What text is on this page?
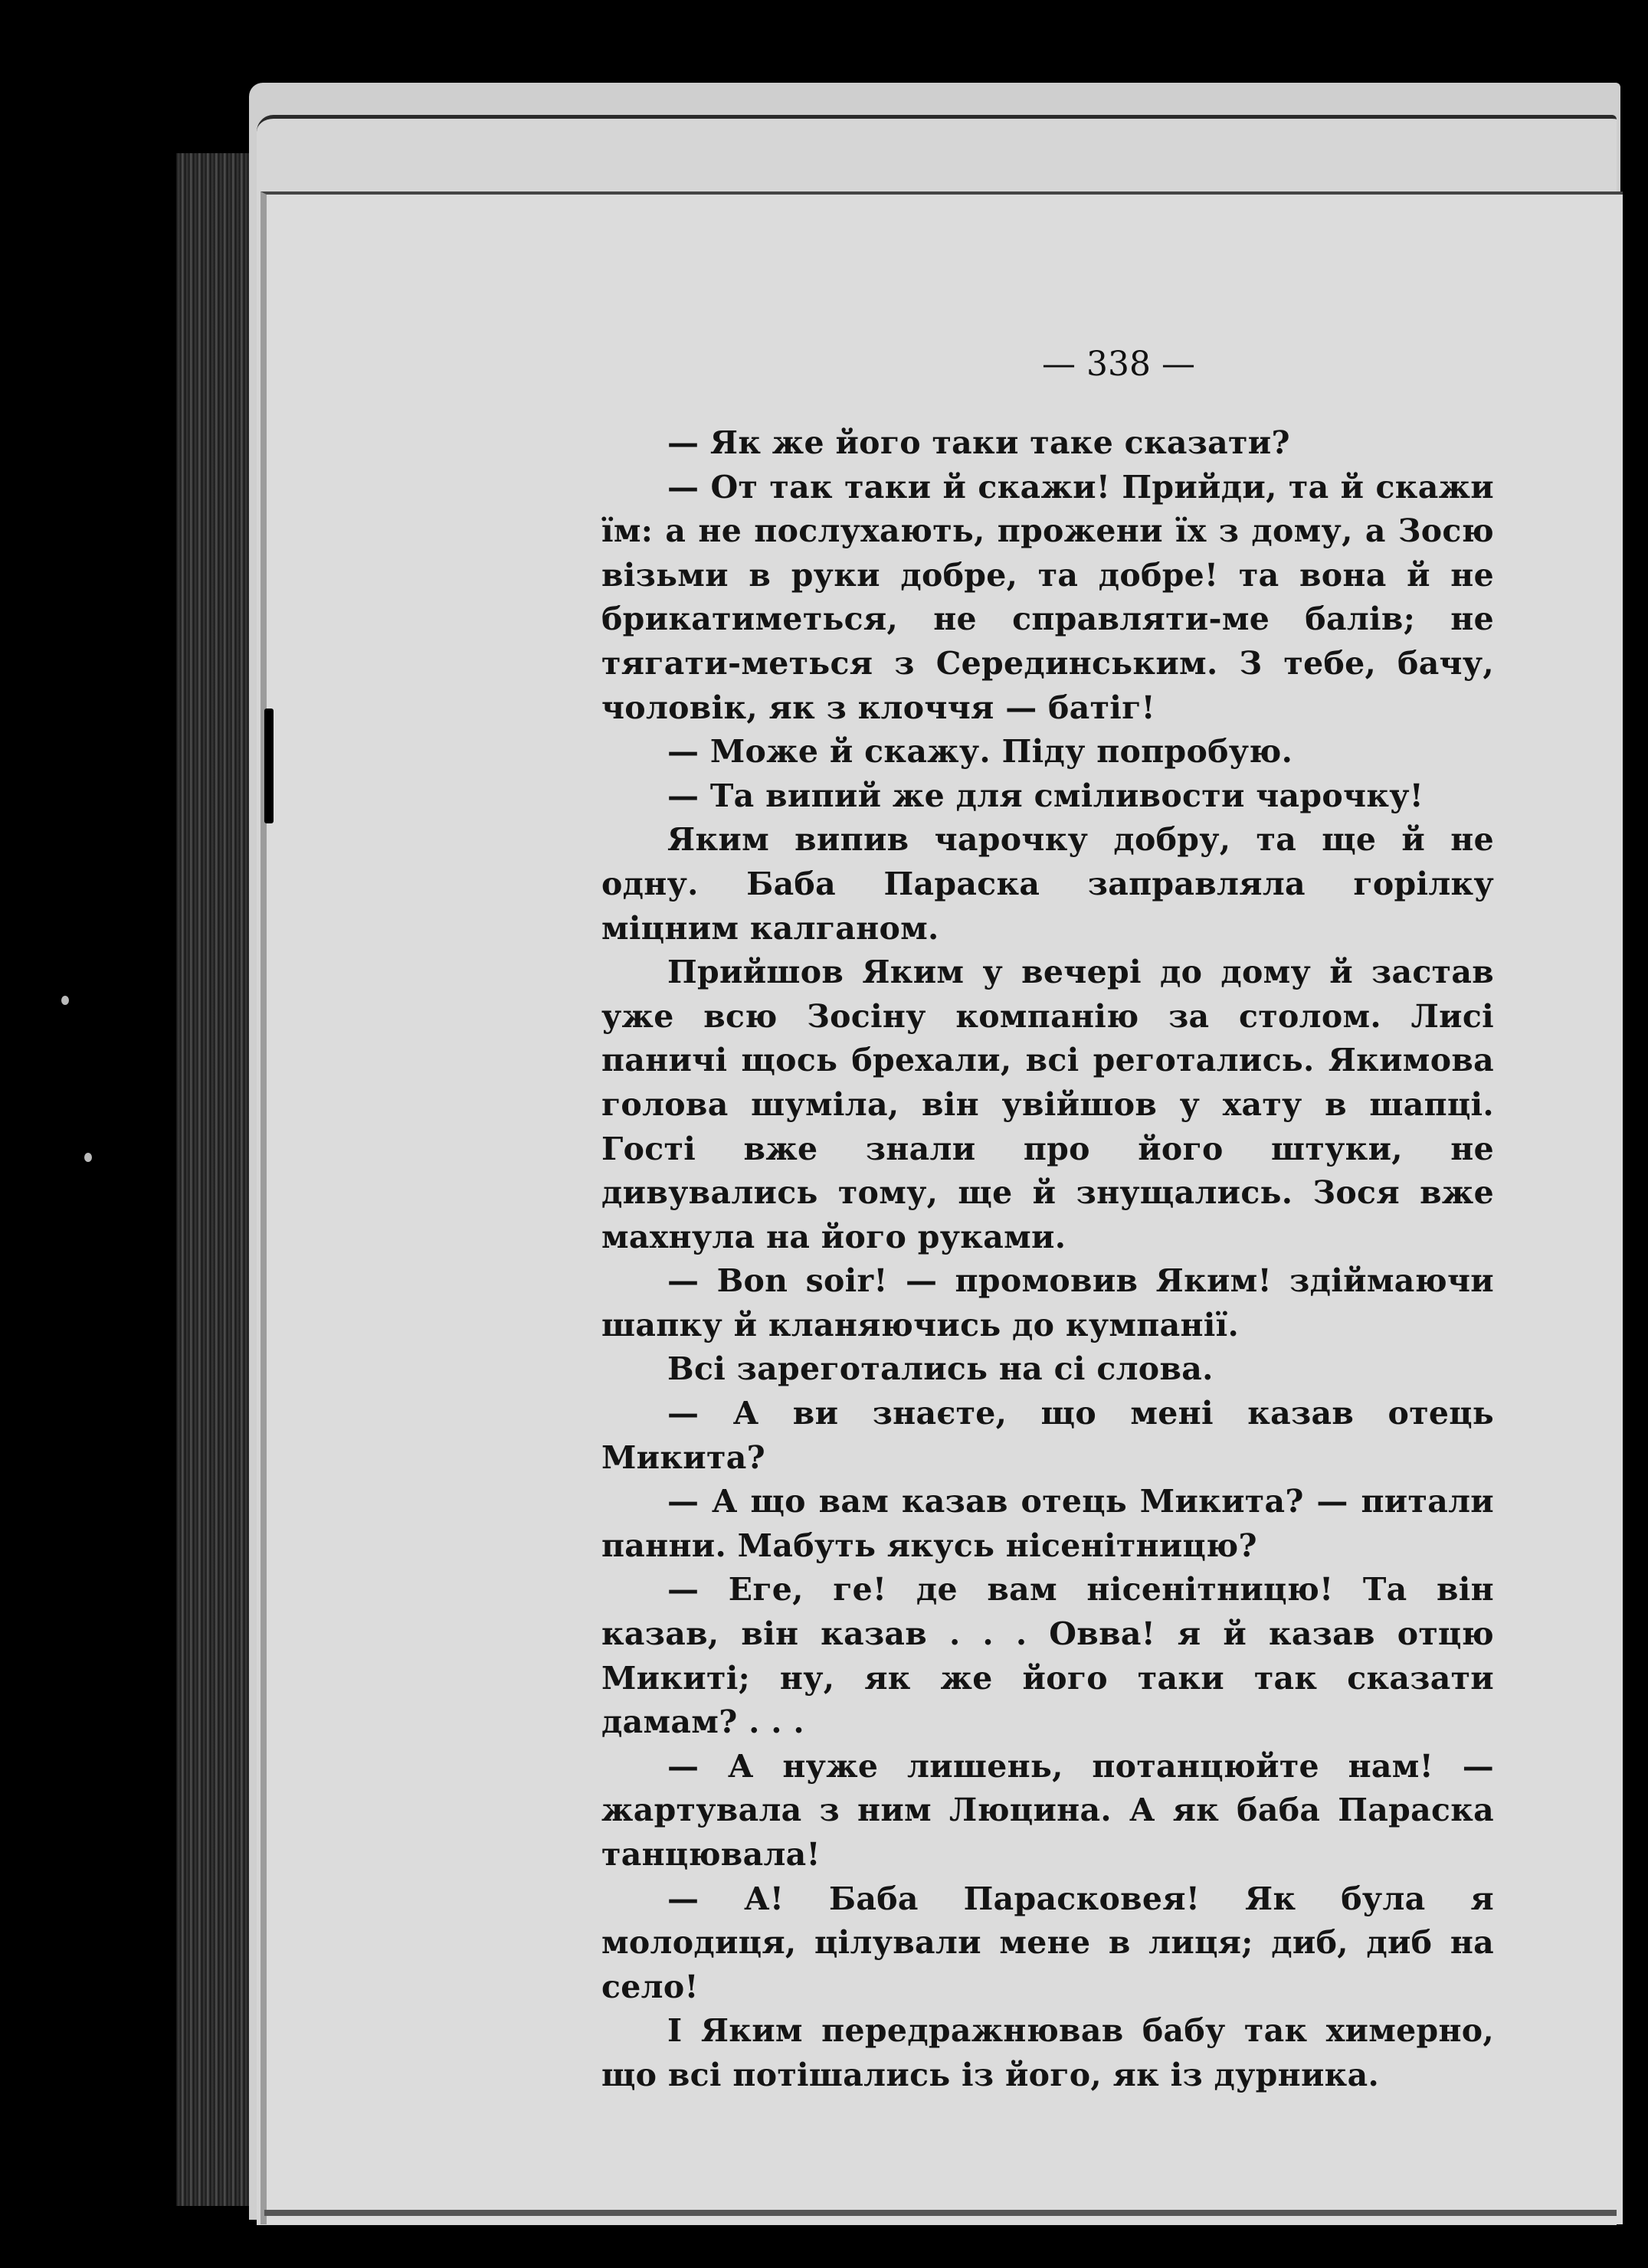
— 338 —

— Як же його таки таке сказати?

— От так таки й скажи! Прийди, та й скажи їм: а не послухають, прожени їх з дому, а Зосю візьми в руки добре, та добре! та вона й не брикатиметься, не справляти-ме балів; не тягати-меться з Серединським. З тебе, бачу, чоловік, як з клоччя — батіг!

— Може й скажу. Піду попробую.

— Та випий же для сміливости чарочку!

Яким випив чарочку добру, та ще й не одну. Баба Параска заправляла горілку міцним калганом.

Прийшов Яким у вечері до дому й застав уже всю Зосіну компанію за столом. Лисі паничі щось брехали, всі реготались. Якимова голова шуміла, він увійшов у хату в шапці. Гості вже знали про його штуки, не дивувались тому, ще й знущались. Зося вже махнула на його руками.

— Bon soir! — промовив Яким! здіймаючи шапку й кланяючись до кумпанії.

Всі зареготались на сі слова.

— А ви знаєте, що мені казав отець Микита?

— А що вам казав отець Микита? — питали панни. Мабуть якусь нісенітницю?

— Еге, ге! де вам нісенітницю! Та він казав, він казав . . . Овва! я й казав отцю Микиті; ну, як же його таки так сказати дамам? . . .

— А нуже лишень, потанцюйте нам! — жартувала з ним Люцина. А як баба Параска танцювала!

— А! Баба Парасковея! Як була я молодиця, цілували мене в лиця; диб, диб на село!

І Яким передражнював бабу так химерно, що всі потішались із його, як із дурника.
